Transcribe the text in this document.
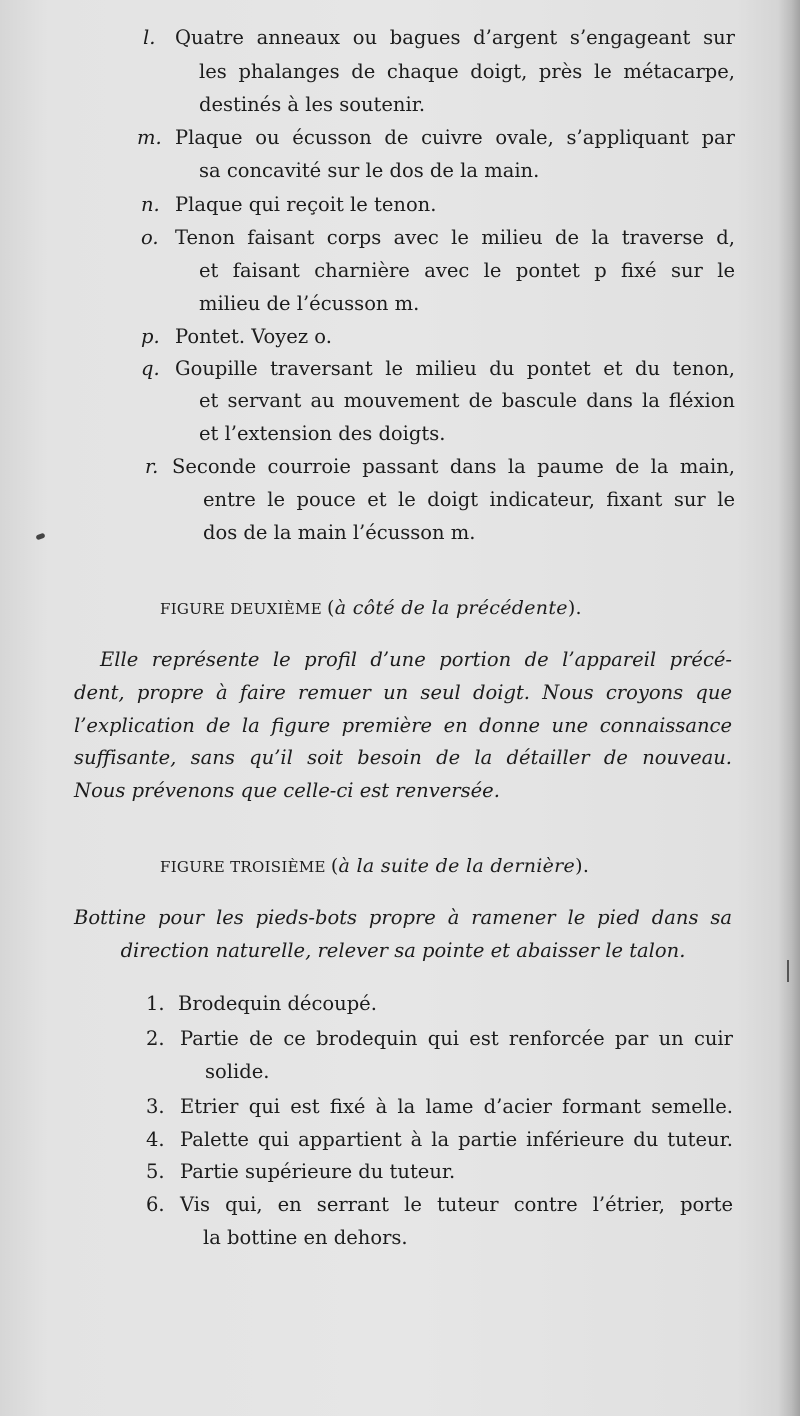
l. Quatre anneaux ou bagues d’argent s’engageant sur
les phalanges de chaque doigt, près le métacarpe,
destinés à les soutenir.
m. Plaque ou écusson de cuivre ovale, s’appliquant par
sa concavité sur le dos de la main.
n. Plaque qui reçoit le tenon.
o. Tenon faisant corps avec le milieu de la traverse d,
et faisant charnière avec le pontet p fixé sur le
milieu de l’écusson m.
p. Pontet. Voyez o.
q. Goupille traversant le milieu du pontet et du tenon,
et servant au mouvement de bascule dans la fléxion
et l’extension des doigts.
r. Seconde courroie passant dans la paume de la main,
entre le pouce et le doigt indicateur, fixant sur le
dos de la main l’écusson m.
FIGURE DEUXIÈME (à côté de la précédente).
Elle représente le profil d’une portion de l’appareil précé-
dent, propre à faire remuer un seul doigt. Nous croyons que
l’explication de la figure première en donne une connaissance
suffisante, sans qu’il soit besoin de la détailler de nouveau.
Nous prévenons que celle-ci est renversée.
FIGURE TROISIÈME (à la suite de la dernière).
Bottine pour les pieds-bots propre à ramener le pied dans sa
direction naturelle, relever sa pointe et abaisser le talon.
1. Brodequin découpé.
2. Partie de ce brodequin qui est renforcée par un cuir
solide.
3. Etrier qui est fixé à la lame d’acier formant semelle.
4. Palette qui appartient à la partie inférieure du tuteur.
5. Partie supérieure du tuteur.
6. Vis qui, en serrant le tuteur contre l’étrier, porte
la bottine en dehors.
